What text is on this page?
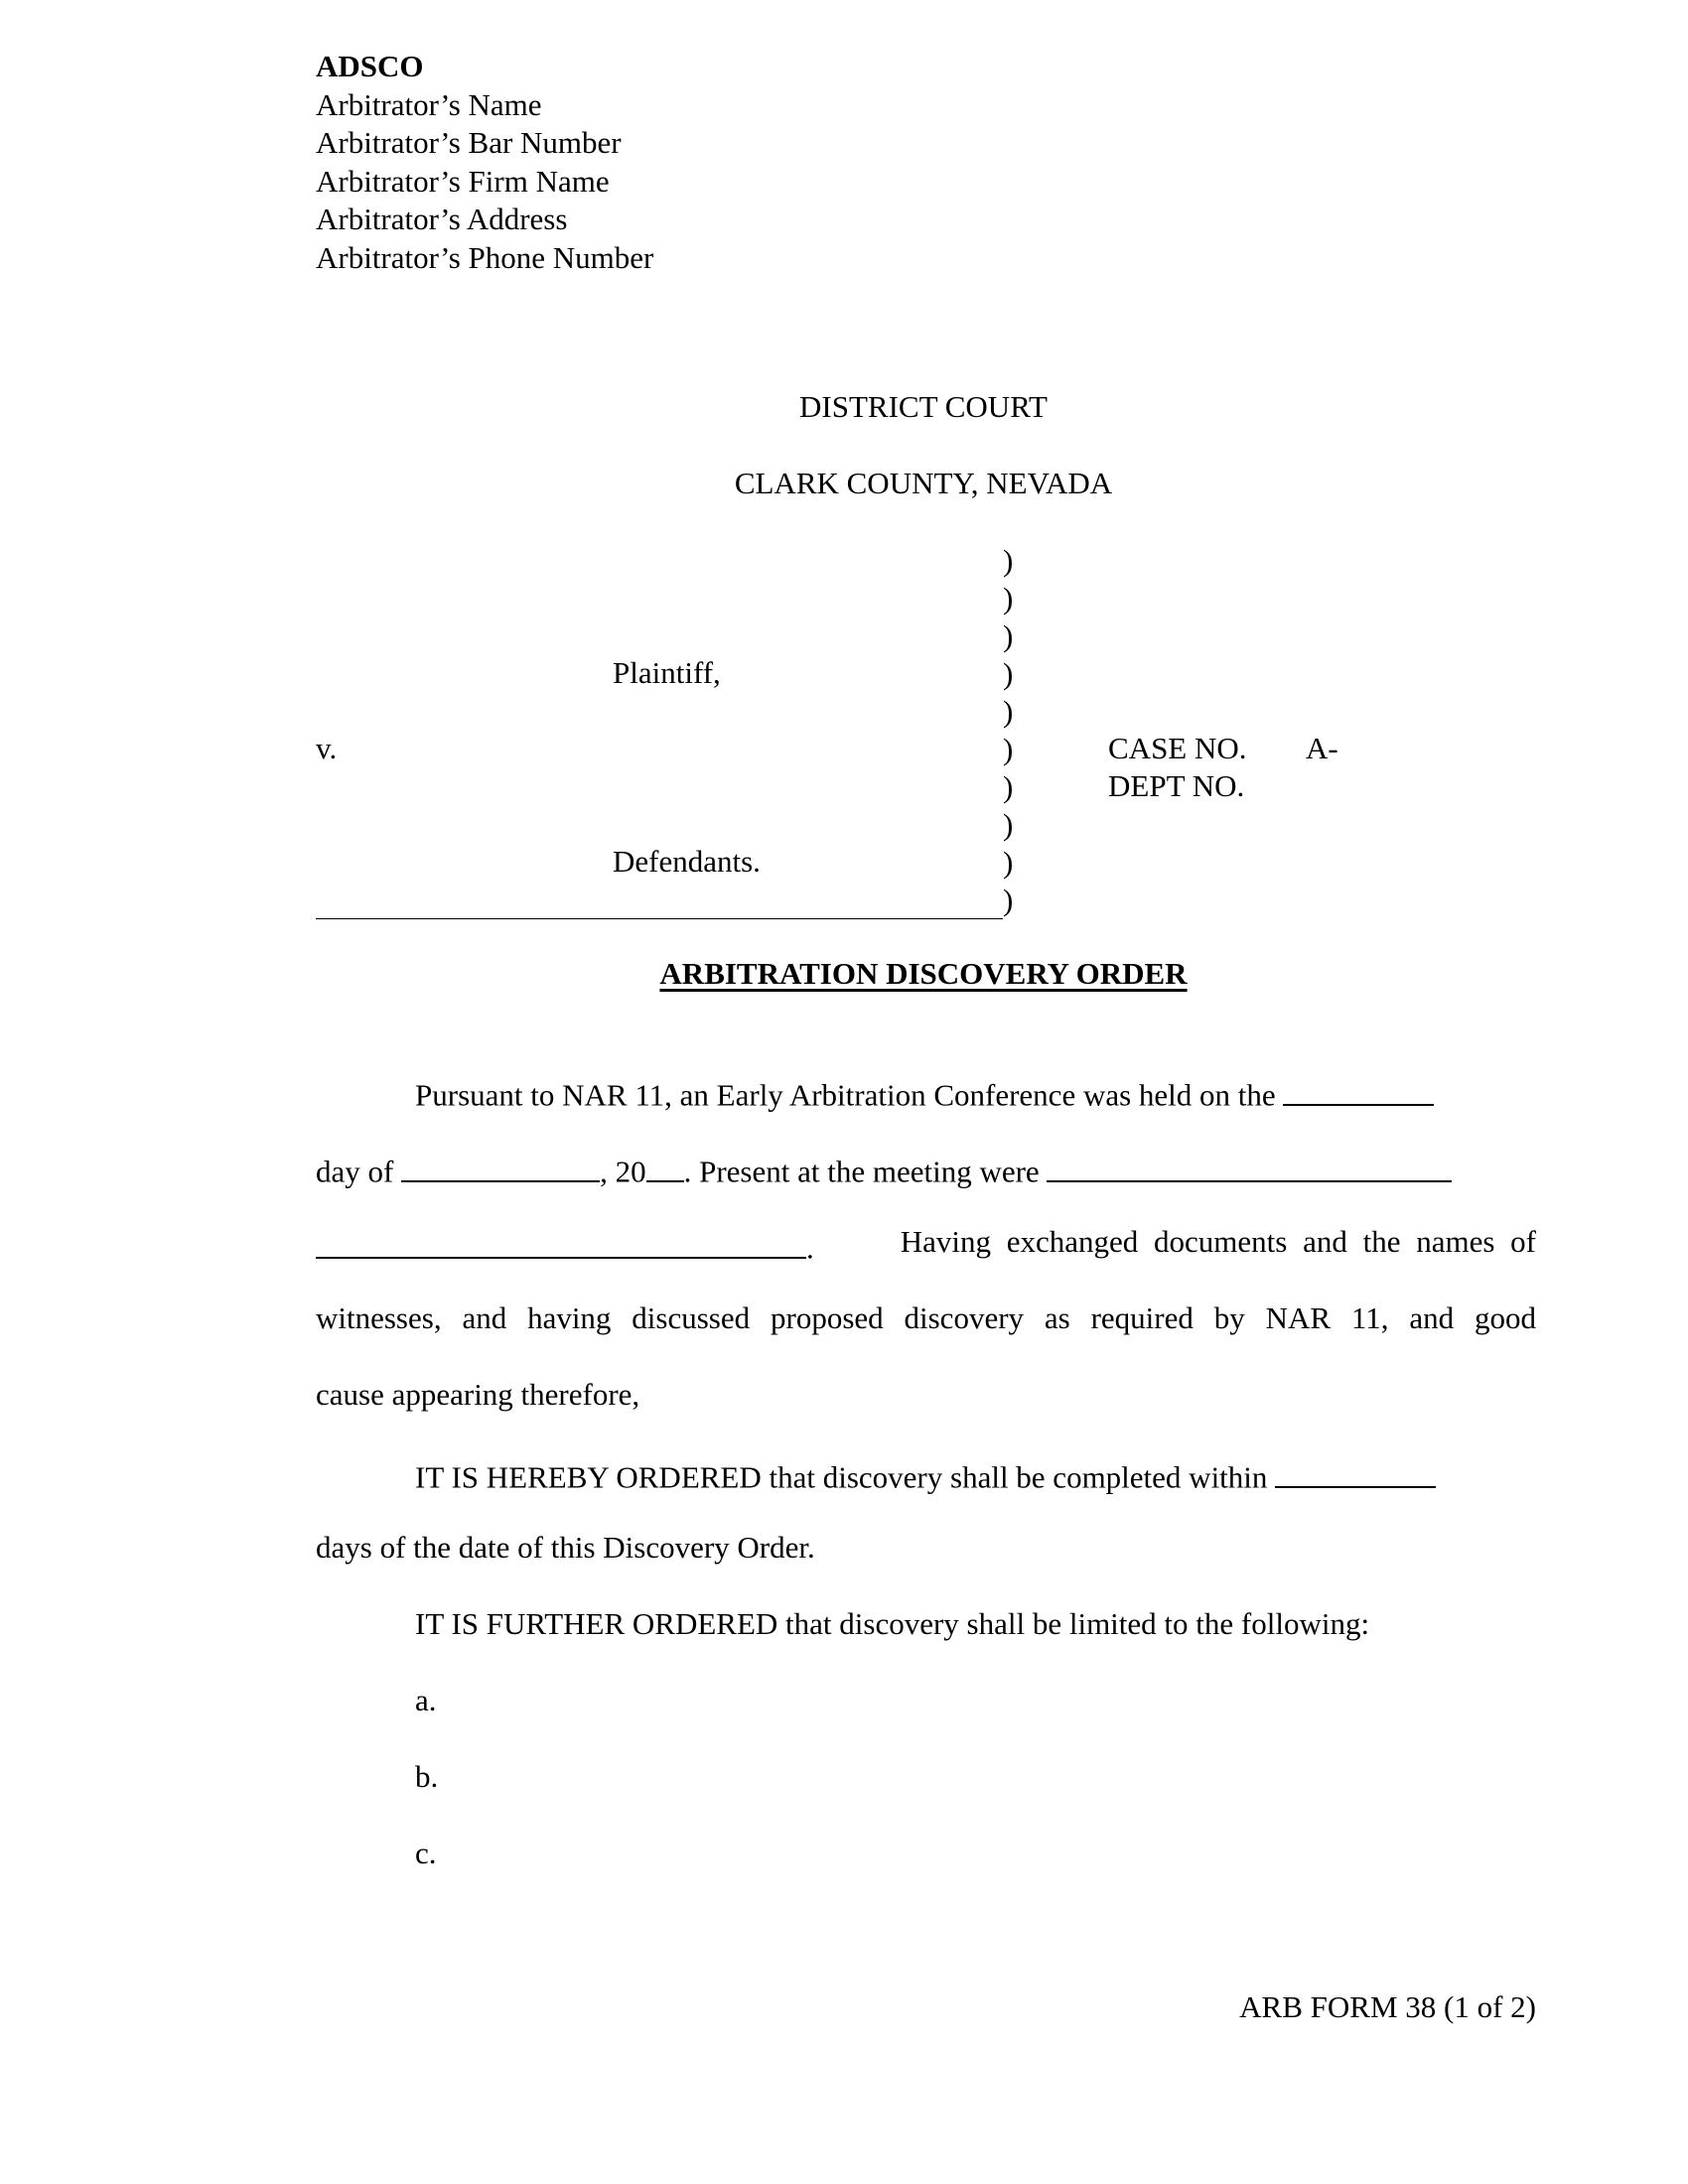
ADSCO
Arbitrator’s Name
Arbitrator’s Bar Number
Arbitrator’s Firm Name
Arbitrator’s Address
Arbitrator’s Phone Number
DISTRICT COURT
CLARK COUNTY, NEVADA
)
)
)
)
)
)
)
)
)
)
Plaintiff,
v.
Defendants.
CASE NO. A-
DEPT NO.
ARBITRATION DISCOVERY ORDER
Pursuant to NAR 11, an Early Arbitration Conference was held on the
day of	, 20 . Present at the meeting were
.	Having exchanged documents and the names of
witnesses, and having discussed proposed discovery as required by NAR 11, and good
cause appearing therefore,
IT IS HEREBY ORDERED that discovery shall be completed within
days of the date of this Discovery Order.
IT IS FURTHER ORDERED that discovery shall be limited to the following:
a.
b.
c.
ARB FORM 38 (1 of 2)
